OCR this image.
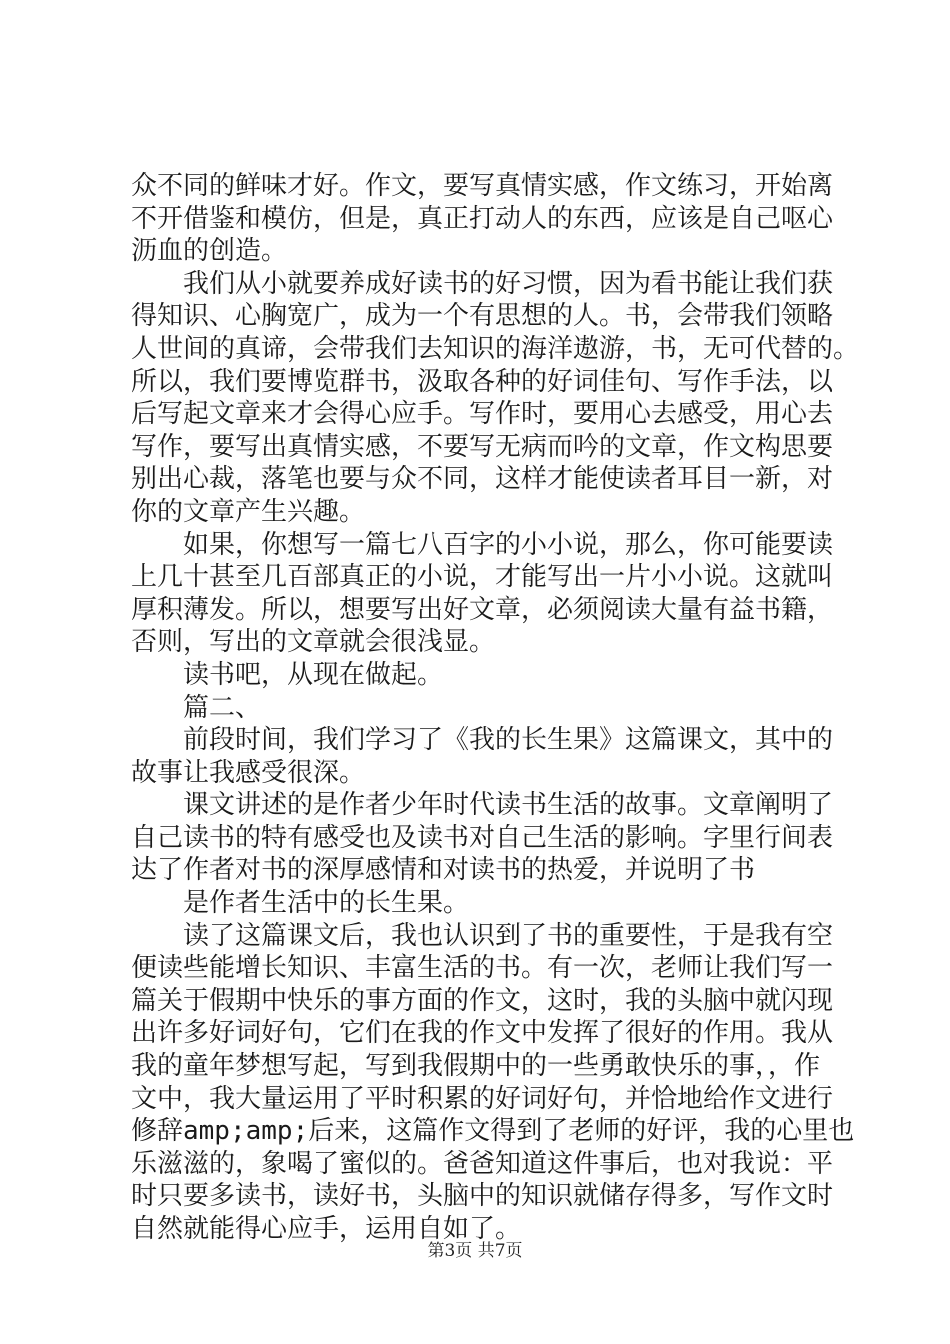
众不同的鲜味才好。作文，要写真情实感，作文练习，开始离
不开借鉴和模仿，但是，真正打动人的东西，应该是自己呕心
沥血的创造。
我们从小就要养成好读书的好习惯，因为看书能让我们获
得知识、心胸宽广，成为一个有思想的人。书，会带我们领略
人世间的真谛，会带我们去知识的海洋遨游，书，无可代替的。
所以，我们要博览群书，汲取各种的好词佳句、写作手法，以
后写起文章来才会得心应手。写作时，要用心去感受，用心去
写作，要写出真情实感，不要写无病而吟的文章，作文构思要
别出心裁，落笔也要与众不同，这样才能使读者耳目一新，对
你的文章产生兴趣。
如果，你想写一篇七八百字的小小说，那么，你可能要读
上几十甚至几百部真正的小说，才能写出一片小小说。这就叫
厚积薄发。所以，想要写出好文章，必须阅读大量有益书籍，
否则，写出的文章就会很浅显。
读书吧，从现在做起。
篇二、
前段时间，我们学习了《我的长生果》这篇课文，其中的
故事让我感受很深。
课文讲述的是作者少年时代读书生活的故事。文章阐明了
自己读书的特有感受也及读书对自己生活的影响。字里行间表
达了作者对书的深厚感情和对读书的热爱，并说明了书
是作者生活中的长生果。
读了这篇课文后，我也认识到了书的重要性，于是我有空
便读些能增长知识、丰富生活的书。有一次，老师让我们写一
篇关于假期中快乐的事方面的作文，这时，我的头脑中就闪现
出许多好词好句，它们在我的作文中发挥了很好的作用。我从
我的童年梦想写起，写到我假期中的一些勇敢快乐的事，，作
文中，我大量运用了平时积累的好词好句，并恰地给作文进行
修辞amp;amp;后来，这篇作文得到了老师的好评，我的心里也
乐滋滋的，象喝了蜜似的。爸爸知道这件事后，也对我说：平
时只要多读书，读好书，头脑中的知识就储存得多，写作文时
自然就能得心应手，运用自如了。
第3页 共7页
